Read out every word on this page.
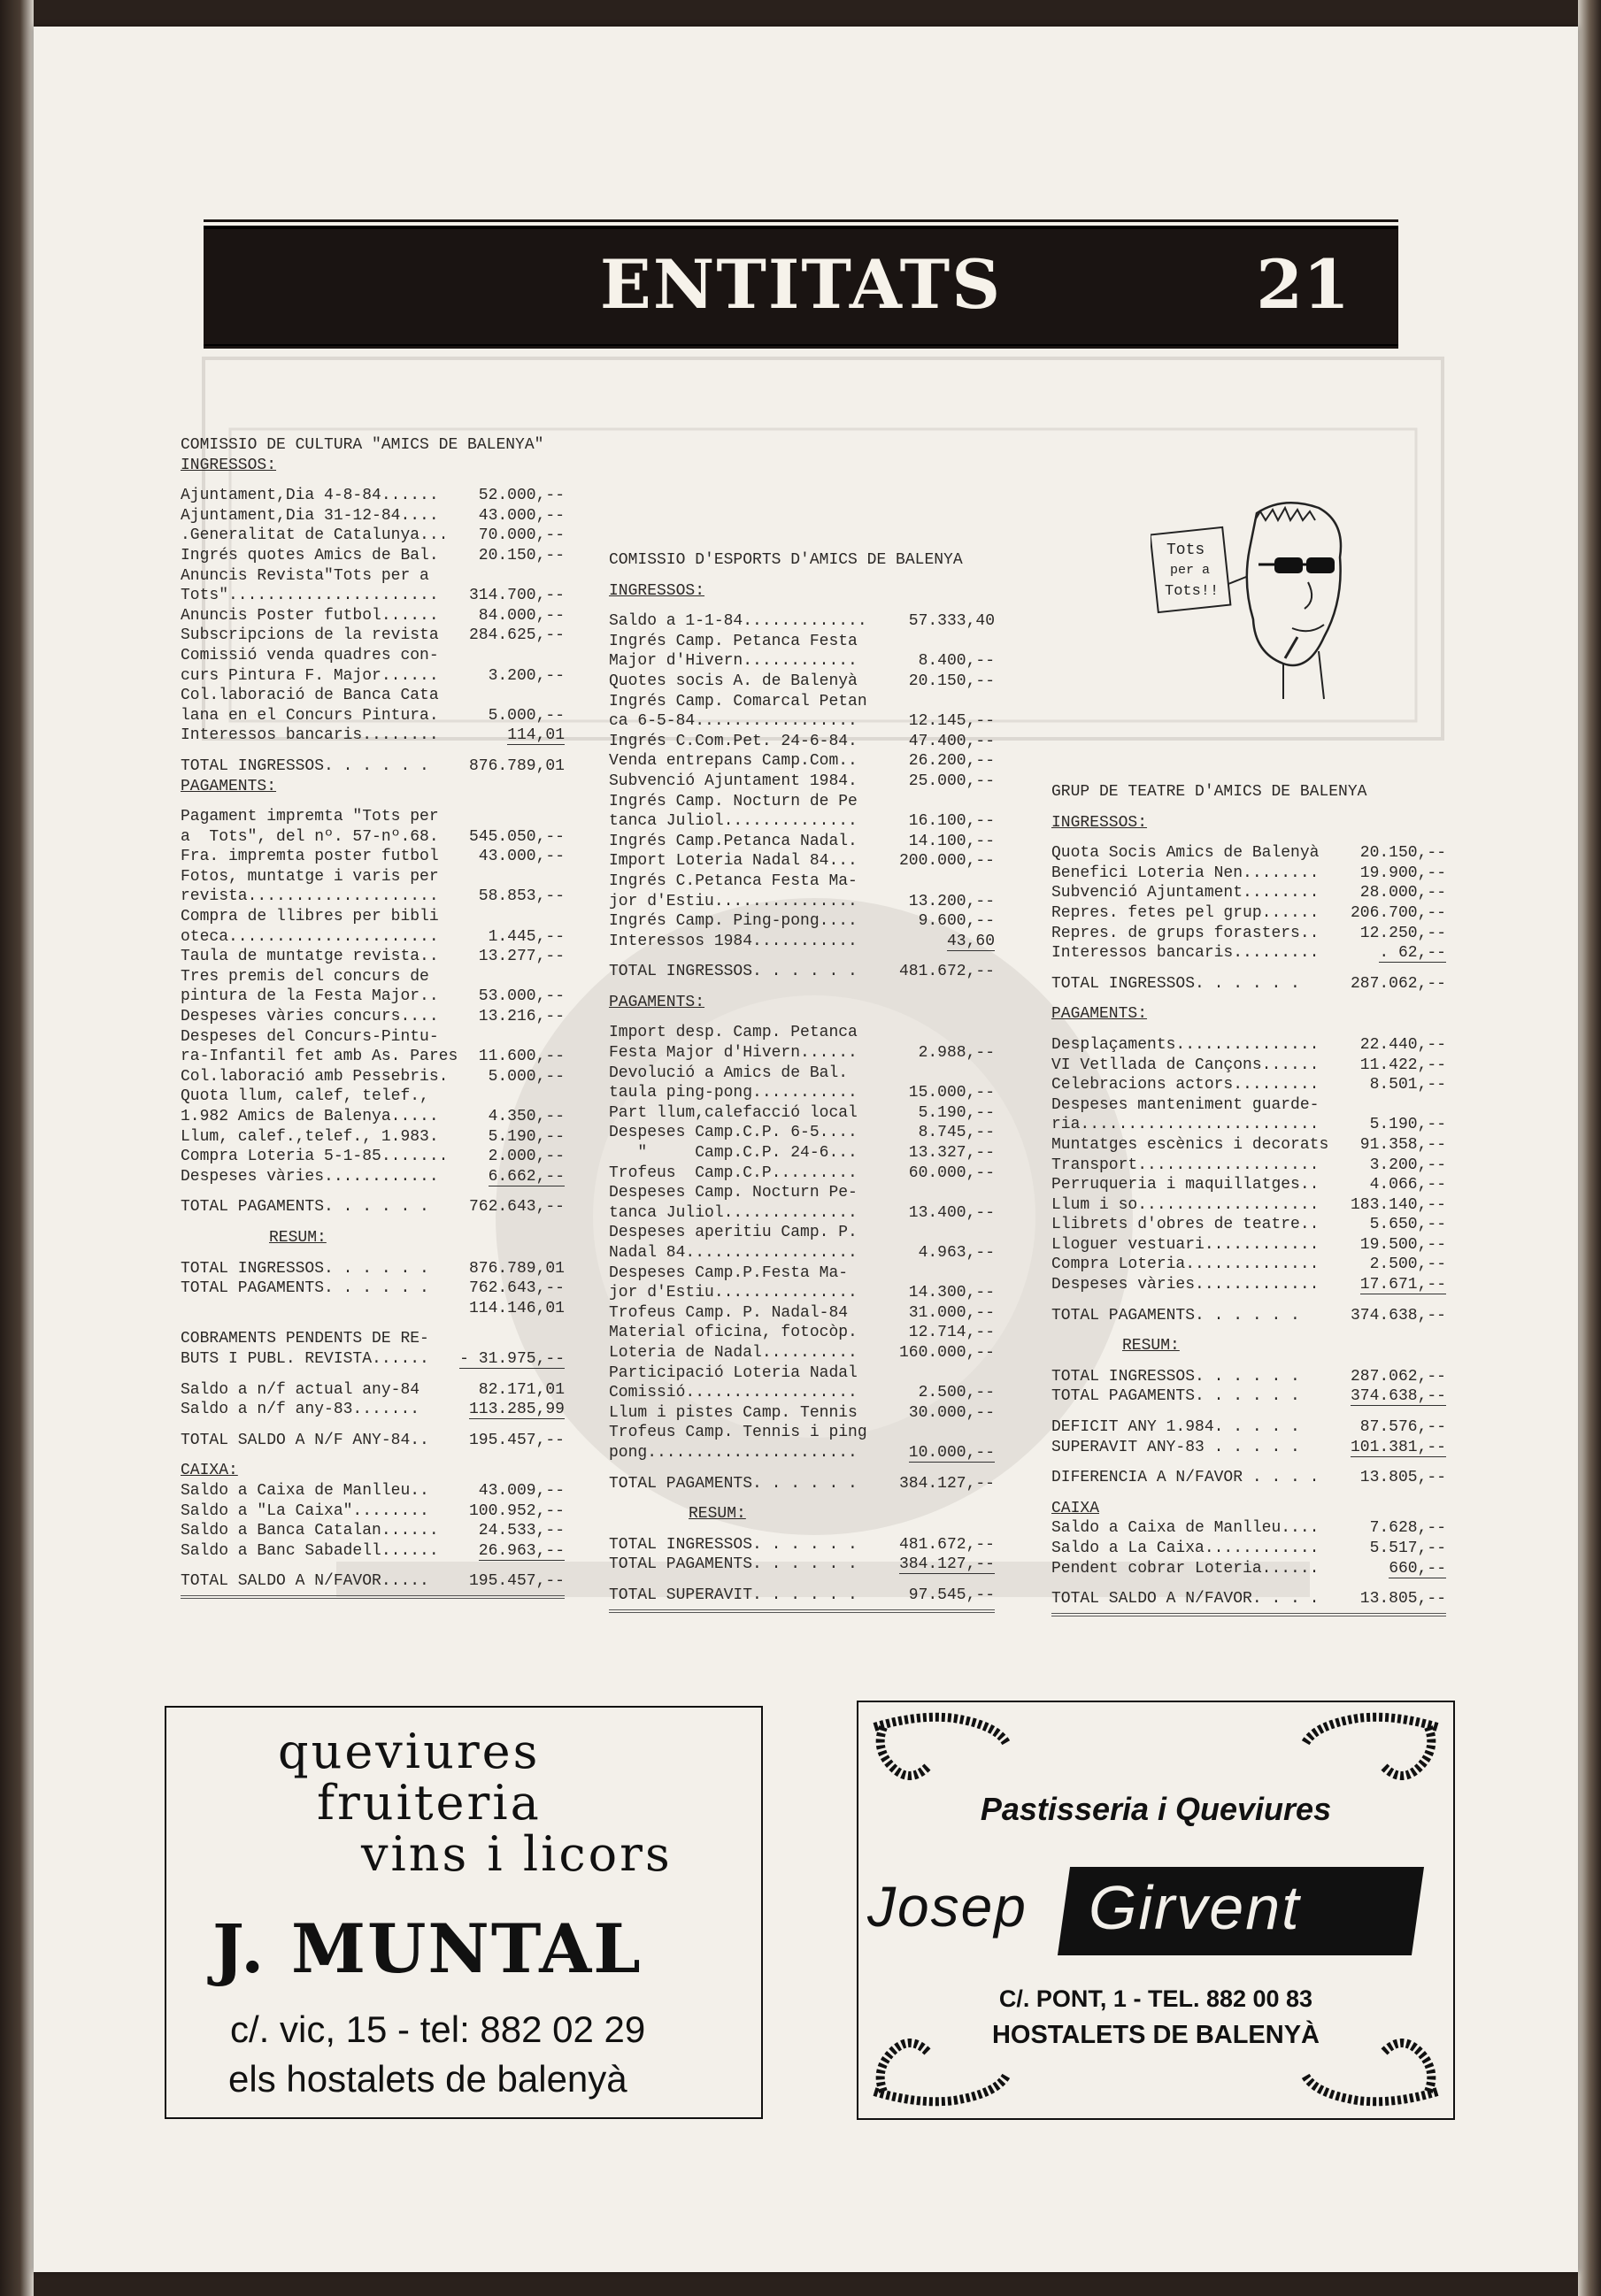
ENTITATS	21
Tots
per a
Tots!!
COMISSIO DE CULTURA "AMICS DE BALENYA"
INGRESSOS:
Ajuntament,Dia 4-8-84......	52.000,--
Ajuntament,Dia 31-12-84....	43.000,--
.Generalitat de Catalunya...	70.000,--
Ingrés quotes Amics de Bal.	20.150,--
Anuncis Revista"Tots per a
Tots"......................	314.700,--
Anuncis Poster futbol......	84.000,--
Subscripcions de la revista	284.625,--
Comissió venda quadres con-
curs Pintura F. Major......	3.200,--
Col.laboració de Banca Cata
lana en el Concurs Pintura.	5.000,--
Interessos bancaris........	114,01
TOTAL INGRESSOS. . . . . .	876.789,01
PAGAMENTS:
Pagament impremta "Tots per
a  Tots", del nº. 57-nº.68.	545.050,--
Fra. impremta poster futbol	43.000,--
Fotos, muntatge i varis per
revista....................	58.853,--
Compra de llibres per bibli
oteca......................	1.445,--
Taula de muntatge revista..	13.277,--
Tres premis del concurs de
pintura de la Festa Major..	53.000,--
Despeses vàries concurs....	13.216,--
Despeses del Concurs-Pintu-
ra-Infantil fet amb As. Pares	11.600,--
Col.laboració amb Pessebris.	5.000,--
Quota llum, calef, telef.,
1.982 Amics de Balenya.....	4.350,--
Llum, calef.,telef., 1.983.	5.190,--
Compra Loteria 5-1-85.......	2.000,--
Despeses vàries............	6.662,--
TOTAL PAGAMENTS. . . . . .	762.643,--
RESUM:
TOTAL INGRESSOS. . . . . .	876.789,01
TOTAL PAGAMENTS. . . . . .	762.643,--
114.146,01
COBRAMENTS PENDENTS DE RE-
BUTS I PUBL. REVISTA......	- 31.975,--
Saldo a n/f actual any-84	82.171,01
Saldo a n/f any-83.......	113.285,99
TOTAL SALDO A N/F ANY-84..	195.457,--
CAIXA:
Saldo a Caixa de Manlleu..	43.009,--
Saldo a "La Caixa"........	100.952,--
Saldo a Banca Catalan......	24.533,--
Saldo a Banc Sabadell......	26.963,--
TOTAL SALDO A N/FAVOR.....	195.457,--
COMISSIO D'ESPORTS D'AMICS DE BALENYA
INGRESSOS:
Saldo a 1-1-84.............	57.333,40
Ingrés Camp. Petanca Festa
Major d'Hivern............	8.400,--
Quotes socis A. de Balenyà	20.150,--
Ingrés Camp. Comarcal Petan
ca 6-5-84.................	12.145,--
Ingrés C.Com.Pet. 24-6-84.	47.400,--
Venda entrepans Camp.Com..	26.200,--
Subvenció Ajuntament 1984.	25.000,--
Ingrés Camp. Nocturn de Pe
tanca Juliol..............	16.100,--
Ingrés Camp.Petanca Nadal.	14.100,--
Import Loteria Nadal 84...	200.000,--
Ingrés C.Petanca Festa Ma-
jor d'Estiu...............	13.200,--
Ingrés Camp. Ping-pong....	9.600,--
Interessos 1984...........	43,60
TOTAL INGRESSOS. . . . . .	481.672,--
PAGAMENTS:
Import desp. Camp. Petanca
Festa Major d'Hivern......	2.988,--
Devolució a Amics de Bal.
taula ping-pong...........	15.000,--
Part llum,calefacció local	5.190,--
Despeses Camp.C.P. 6-5....	8.745,--
"     Camp.C.P. 24-6...	13.327,--
Trofeus  Camp.C.P.........	60.000,--
Despeses Camp. Nocturn Pe-
tanca Juliol..............	13.400,--
Despeses aperitiu Camp. P.
Nadal 84..................	4.963,--
Despeses Camp.P.Festa Ma-
jor d'Estiu...............	14.300,--
Trofeus Camp. P. Nadal-84	31.000,--
Material oficina, fotocòp.	12.714,--
Loteria de Nadal..........	160.000,--
Participació Loteria Nadal
Comissió..................	2.500,--
Llum i pistes Camp. Tennis	30.000,--
Trofeus Camp. Tennis i ping
pong......................	10.000,--
TOTAL PAGAMENTS. . . . . .	384.127,--
RESUM:
TOTAL INGRESSOS. . . . . .	481.672,--
TOTAL PAGAMENTS. . . . . .	384.127,--
TOTAL SUPERAVIT. . . . . .	97.545,--
GRUP DE TEATRE D'AMICS DE BALENYA
INGRESSOS:
Quota Socis Amics de Balenyà	20.150,--
Benefici Loteria Nen........	19.900,--
Subvenció Ajuntament........	28.000,--
Repres. fetes pel grup......	206.700,--
Repres. de grups forasters..	12.250,--
Interessos bancaris.........	. 62,--
TOTAL INGRESSOS. . . . . .	287.062,--
PAGAMENTS:
Desplaçaments...............	22.440,--
VI Vetllada de Cançons......	11.422,--
Celebracions actors.........	8.501,--
Despeses manteniment guarde-
ria.........................	5.190,--
Muntatges escènics i decorats	91.358,--
Transport...................	3.200,--
Perruqueria i maquillatges..	4.066,--
Llum i so...................	183.140,--
Llibrets d'obres de teatre..	5.650,--
Lloguer vestuari............	19.500,--
Compra Loteria..............	2.500,--
Despeses vàries.............	17.671,--
TOTAL PAGAMENTS. . . . . .	374.638,--
RESUM:
TOTAL INGRESSOS. . . . . .	287.062,--
TOTAL PAGAMENTS. . . . . .	374.638,--
DEFICIT ANY 1.984. . . . .	87.576,--
SUPERAVIT ANY-83 . . . . .	101.381,--
DIFERENCIA A N/FAVOR . . . .	13.805,--
CAIXA
Saldo a Caixa de Manlleu....	7.628,--
Saldo a La Caixa............	5.517,--
Pendent cobrar Loteria......	660,--
TOTAL SALDO A N/FAVOR. . . .	13.805,--
queviures
fruiteria
vins i licors
J. MUNTAL
c/. vic, 15 - tel: 882 02 29
els hostalets de balenyà
Pastisseria i Queviures
Josep Girvent
C/. PONT, 1 - TEL. 882 00 83
HOSTALETS DE BALENYÀ
